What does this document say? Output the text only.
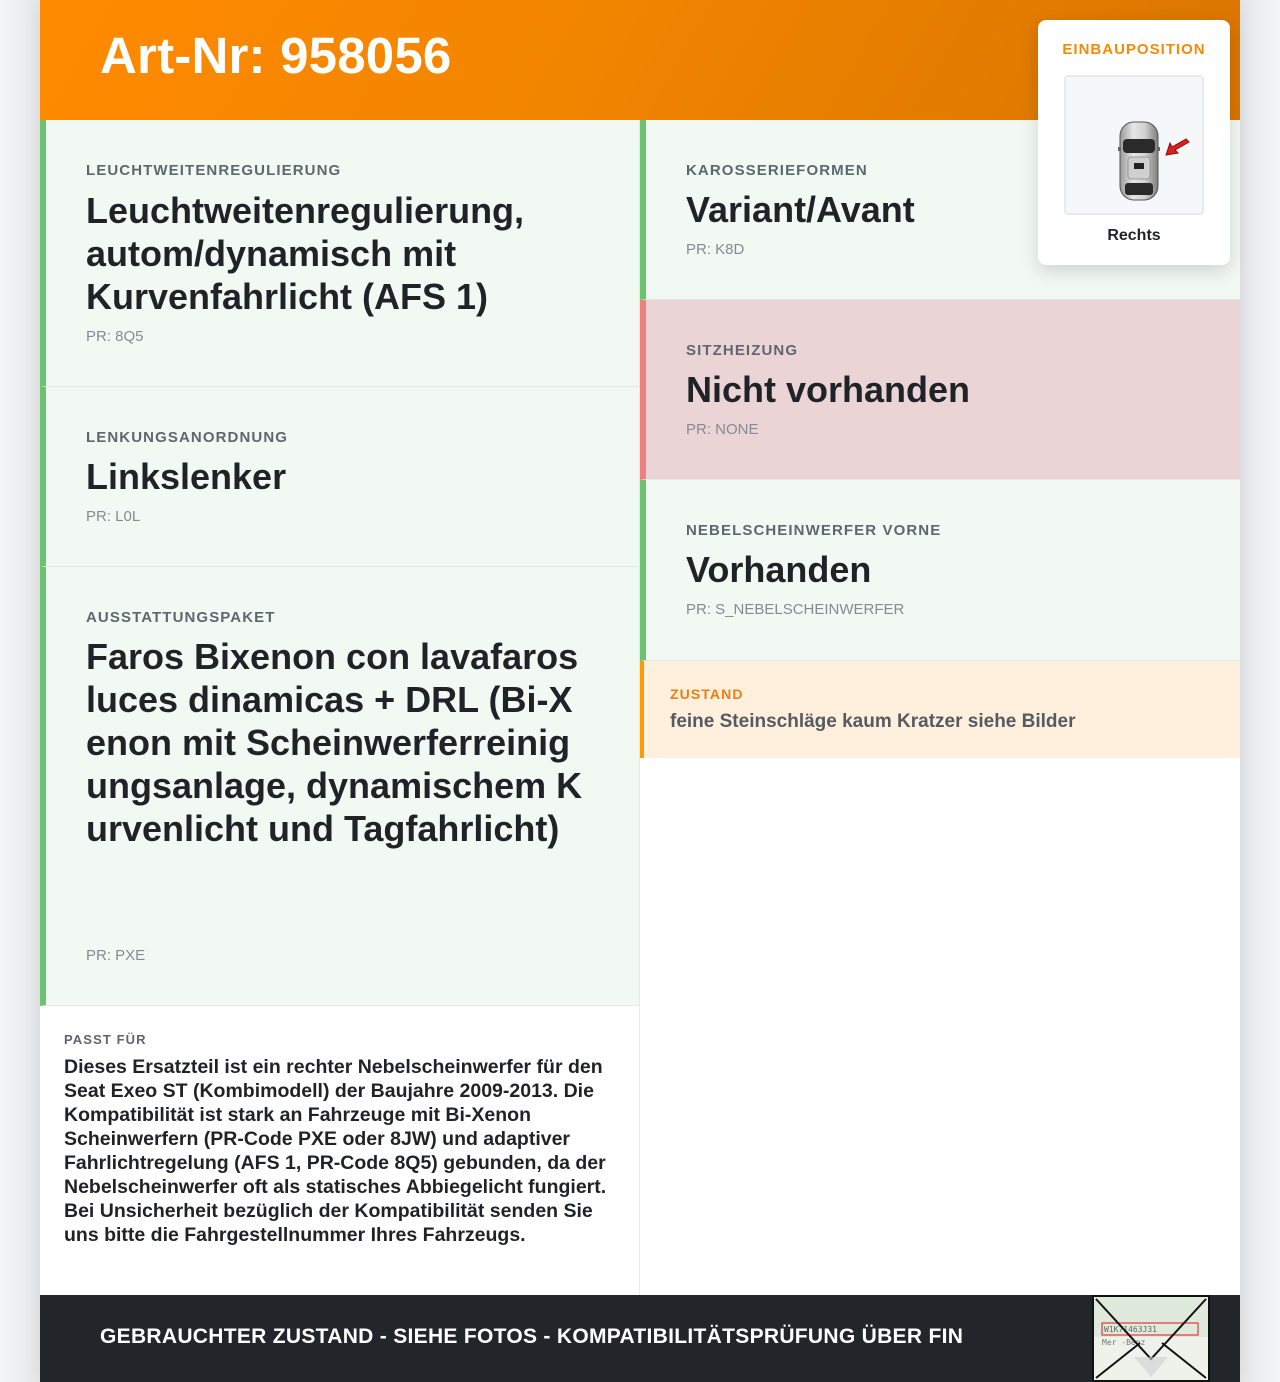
Art-Nr: 958056	EINBAUPOSITION
Rechts
LEUCHTWEITENREGULIERUNG
Leuchtweitenregulierung, autom/dynamisch mit Kurvenfahrlicht (AFS 1)
PR: 8Q5
LENKUNGSANORDNUNG
Linkslenker
PR: L0L
AUSSTATTUNGSPAKET
Faros Bixenon con lavafaros luces dinamicas + DRL (Bi-Xenon mit Scheinwerferreinigungsanlage, dynamischem Kurvenlicht und Tagfahrlicht)
PR: PXE
PASST FÜR
Dieses Ersatzteil ist ein rechter Nebelscheinwerfer für den Seat Exeo ST (Kombimodell) der Baujahre 2009-2013. Die Kompatibilität ist stark an Fahrzeuge mit Bi-Xenon Scheinwerfern (PR-Code PXE oder 8JW) und adaptiver Fahrlichtregelung (AFS 1, PR-Code 8Q5) gebunden, da der Nebelscheinwerfer oft als statisches Abbiegelicht fungiert. Bei Unsicherheit bezüglich der Kompatibilität senden Sie uns bitte die Fahrgestellnummer Ihres Fahrzeugs.
KAROSSERIEFORMEN
Variant/Avant
PR: K8D
SITZHEIZUNG
Nicht vorhanden
PR: NONE
NEBELSCHEINWERFER VORNE
Vorhanden
PR: S_NEBELSCHEINWERFER
ZUSTAND
feine Steinschläge kaum Kratzer siehe Bilder
GEBRAUCHTER ZUSTAND - SIEHE FOTOS - KOMPATIBILITÄTSPRÜFUNG ÜBER FIN	W1K71463J31
Mer -Benz
